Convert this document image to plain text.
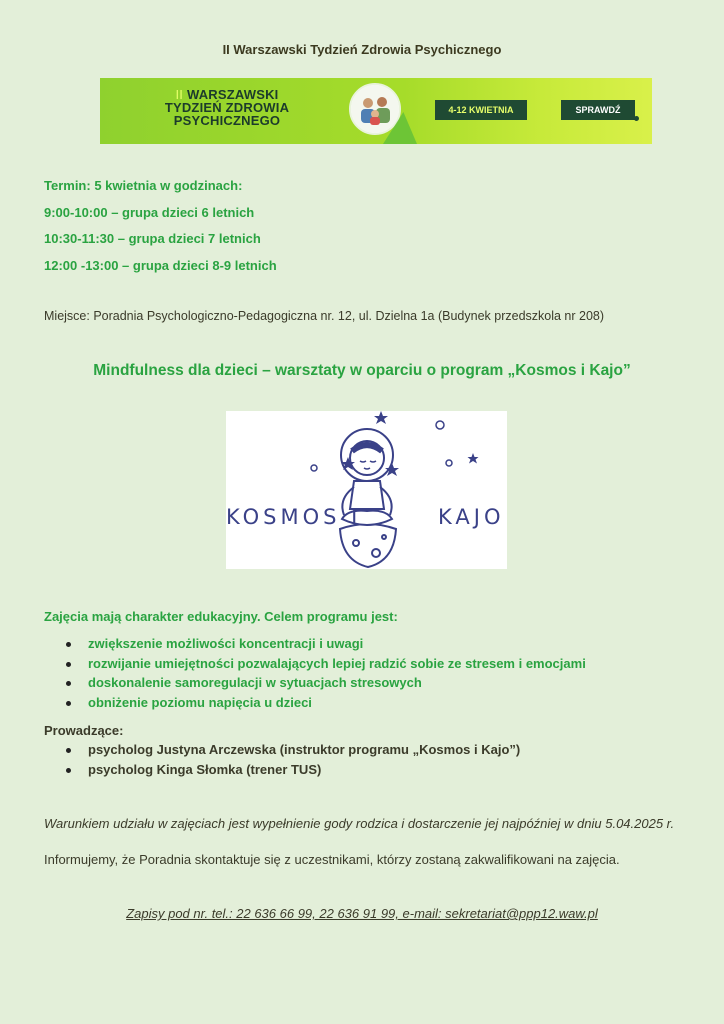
II Warszawski Tydzień Zdrowia Psychicznego
II WARSZAWSKI
TYDZIEŃ ZDROWIA
PSYCHICZNEGO
4-12 KWIETNIA	SPRAWDŹ
Termin: 5 kwietnia w godzinach:
9:00-10:00 – grupa dzieci 6 letnich
10:30-11:30 – grupa dzieci 7 letnich
12:00 -13:00 – grupa dzieci 8-9 letnich
Miejsce: Poradnia Psychologiczno-Pedagogiczna nr. 12, ul. Dzielna 1a (Budynek przedszkola nr 208)
Mindfulness dla dzieci – warsztaty w oparciu o program „Kosmos i Kajo”
KOSMOS I	KAJO
Zajęcia mają charakter edukacyjny. Celem programu jest:
zwiększenie możliwości koncentracji i uwagi
rozwijanie umiejętności pozwalających lepiej radzić sobie ze stresem i emocjami
doskonalenie samoregulacji w sytuacjach stresowych
obniżenie poziomu napięcia u dzieci
Prowadzące:
psycholog Justyna Arczewska (instruktor programu „Kosmos i Kajo”)
psycholog Kinga Słomka (trener TUS)
Warunkiem udziału w zajęciach jest wypełnienie gody rodzica i dostarczenie jej najpóźniej w dniu 5.04.2025 r.
Informujemy, że Poradnia skontaktuje się z uczestnikami, którzy zostaną zakwalifikowani na zajęcia.
Zapisy pod nr. tel.: 22 636 66 99, 22 636 91 99, e-mail: sekretariat@ppp12.waw.pl
